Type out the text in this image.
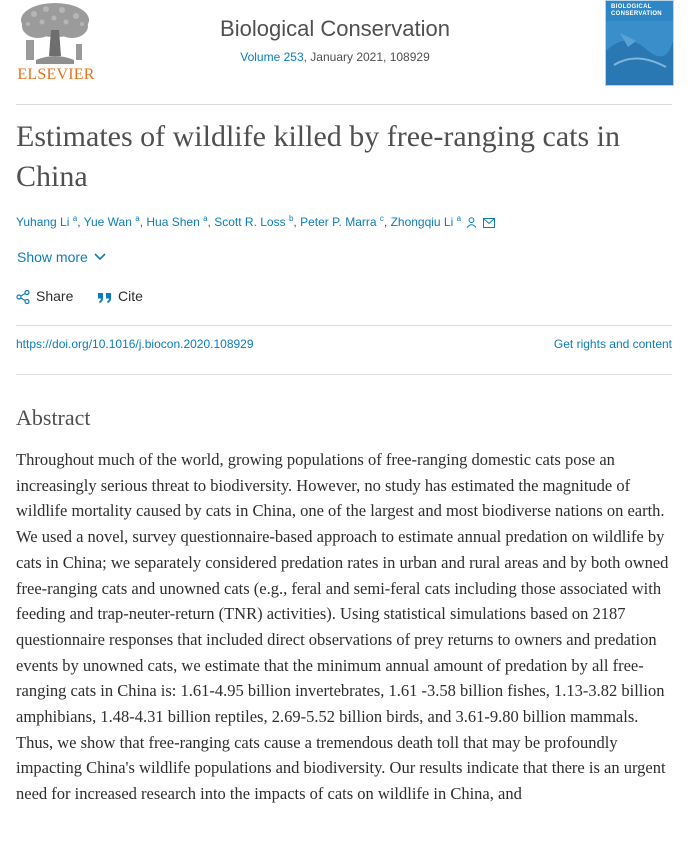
ELSEVIER
Biological Conservation
Volume 253, January 2021, 108929
BIOLOGICAL
CONSERVATION
Estimates of wildlife killed by free-ranging cats in China
Yuhang Li $^a$, Yue Wan $^a$, Hua Shen $^a$, Scott R. Loss $^b$, Peter P. Marra $^c$, Zhongqiu Li $^a$
Show more
Share	Cite
https://doi.org/10.1016/j.biocon.2020.108929	Get rights and content
Abstract

Throughout much of the world, growing populations of free-ranging domestic cats pose an increasingly serious threat to biodiversity. However, no study has estimated the magnitude of wildlife mortality caused by cats in China, one of the largest and most biodiverse nations on earth. We used a novel, survey questionnaire-based approach to estimate annual predation on wildlife by cats in China; we separately considered predation rates in urban and rural areas and by both owned free-ranging cats and unowned cats (e.g., feral and semi-feral cats including those associated with feeding and trap-neuter-return (TNR) activities). Using statistical simulations based on 2187 questionnaire responses that included direct observations of prey returns to owners and predation events by unowned cats, we estimate that the minimum annual amount of predation by all free-ranging cats in China is: 1.61-4.95 billion invertebrates, 1.61 -3.58 billion fishes, 1.13-3.82 billion amphibians, 1.48-4.31 billion reptiles, 2.69-5.52 billion birds, and 3.61-9.80 billion mammals. Thus, we show that free-ranging cats cause a tremendous death toll that may be profoundly impacting China's wildlife populations and biodiversity. Our results indicate that there is an urgent need for increased research into the impacts of cats on wildlife in China, and
